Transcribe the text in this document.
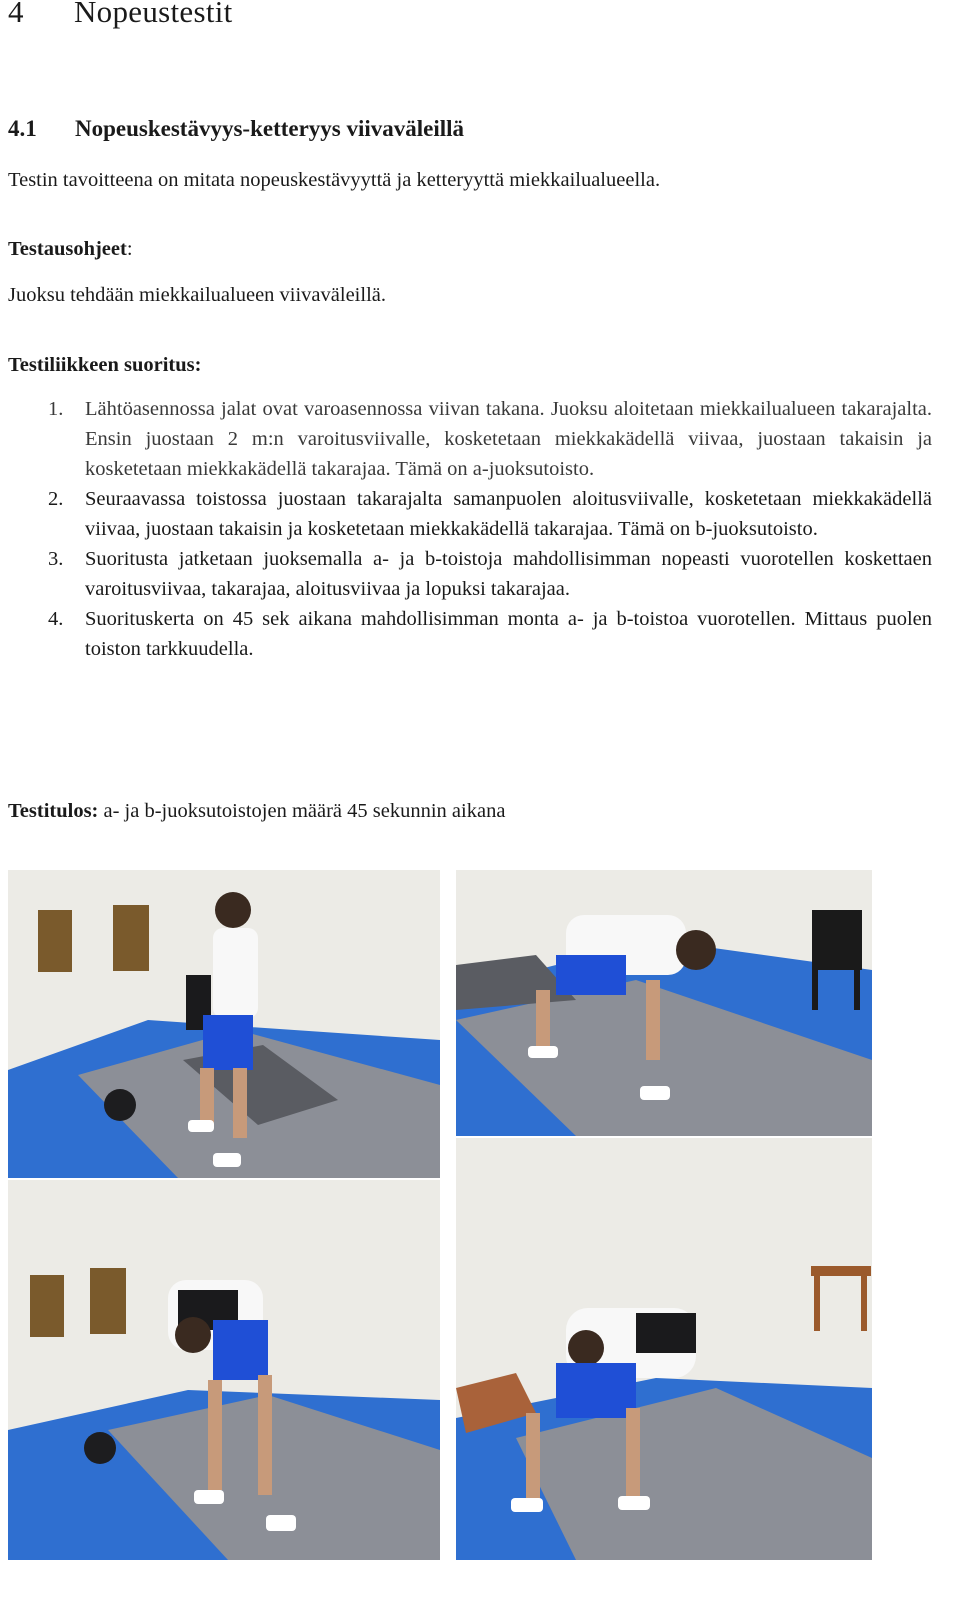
4 Nopeustestit
4.1 Nopeuskestävyys-ketteryys viivaväleillä

Testin tavoitteena on mitata nopeuskestävyyttä ja ketteryyttä miekkailualueella.

Testausohjeet:

Juoksu tehdään miekkailualueen viivaväleillä.

Testiliikkeen suoritus:

1. Lähtöasennossa jalat ovat varoasennossa viivan takana. Juoksu aloitetaan miekkailualueen takarajalta. Ensin juostaan 2 m:n varoitusviivalle, kosketetaan miekkakädellä viivaa, juostaan takaisin ja kosketetaan miekkakädellä takarajaa. Tämä on a-juoksutoisto.
2. Seuraavassa toistossa juostaan takarajalta samanpuolen aloitusviivalle, kosketetaan miekkakädellä viivaa, juostaan takaisin ja kosketetaan miekkakädellä takarajaa. Tämä on b-juoksutoisto.
3. Suoritusta jatketaan juoksemalla a- ja b-toistoja mahdollisimman nopeasti vuorotellen koskettaen varoitusviivaa, takarajaa, aloitusviivaa ja lopuksi takarajaa.
4. Suorituskerta on 45 sek aikana mahdollisimman monta a- ja b-toistoa vuorotellen. Mittaus puolen toiston tarkkuudella.

Testitulos: a- ja b-juoksutoistojen määrä 45 sekunnin aikana
